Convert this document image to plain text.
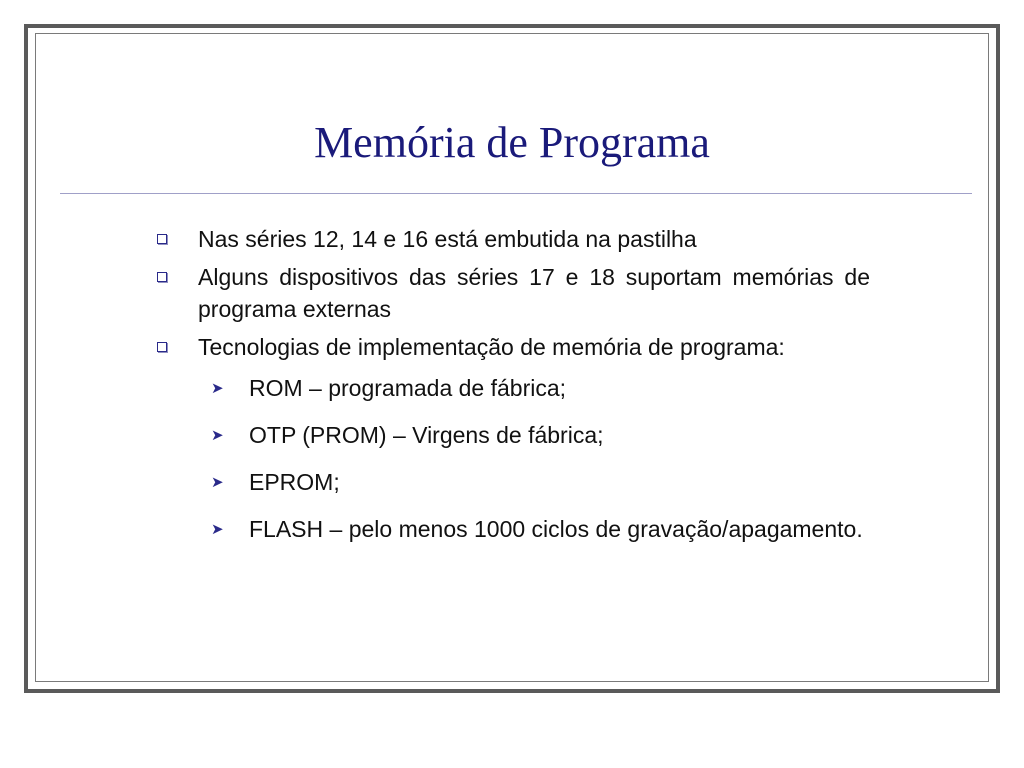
Memória de Programa
Nas séries 12, 14 e 16 está embutida na pastilha
Alguns dispositivos das séries 17 e 18 suportam memórias de programa externas
Tecnologias de implementação de memória de programa:
➤ ROM – programada de fábrica;
➤ OTP (PROM) – Virgens de fábrica;
➤ EPROM;
➤ FLASH – pelo menos 1000 ciclos de gravação/apagamento.
